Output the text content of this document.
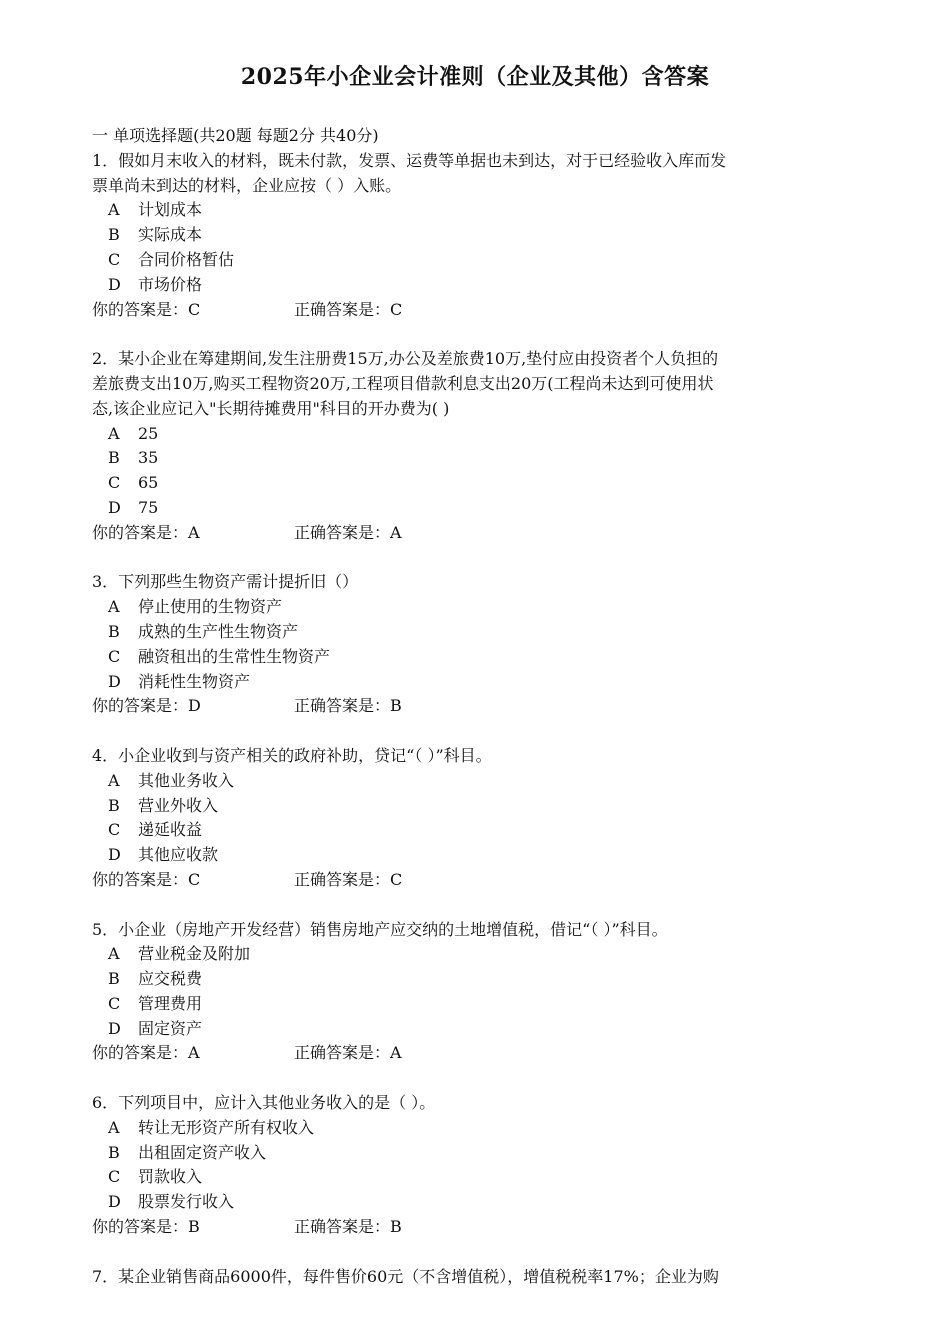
2025年小企业会计准则（企业及其他）含答案
一 单项选择题(共20题 每题2分 共40分)
1．假如月末收入的材料，既未付款，发票、运费等单据也未到达，对于已经验收入库而发
票单尚未到达的材料，企业应按（ ）入账。
A 计划成本
B 实际成本
C 合同价格暂估
D 市场价格
你的答案是：C	正确答案是：C
2．某小企业在筹建期间,发生注册费15万,办公及差旅费10万,垫付应由投资者个人负担的
差旅费支出10万,购买工程物资20万,工程项目借款利息支出20万(工程尚未达到可使用状
态,该企业应记入"长期待摊费用"科目的开办费为( )
A 25
B 35
C 65
D 75
你的答案是：A	正确答案是：A
3．下列那些生物资产需计提折旧（）
A 停止使用的生物资产
B 成熟的生产性生物资产
C 融资租出的生常性生物资产
D 消耗性生物资产
你的答案是：D	正确答案是：B
4．小企业收到与资产相关的政府补助，贷记“（ ）”科目。
A 其他业务收入
B 营业外收入
C 递延收益
D 其他应收款
你的答案是：C	正确答案是：C
5．小企业（房地产开发经营）销售房地产应交纳的土地增值税，借记“（ ）”科目。
A 营业税金及附加
B 应交税费
C 管理费用
D 固定资产
你的答案是：A	正确答案是：A
6．下列项目中，应计入其他业务收入的是（ ）。
A 转让无形资产所有权收入
B 出租固定资产收入
C 罚款收入
D 股票发行收入
你的答案是：B	正确答案是：B
7．某企业销售商品6000件，每件售价60元（不含增值税），增值税税率17%；企业为购
